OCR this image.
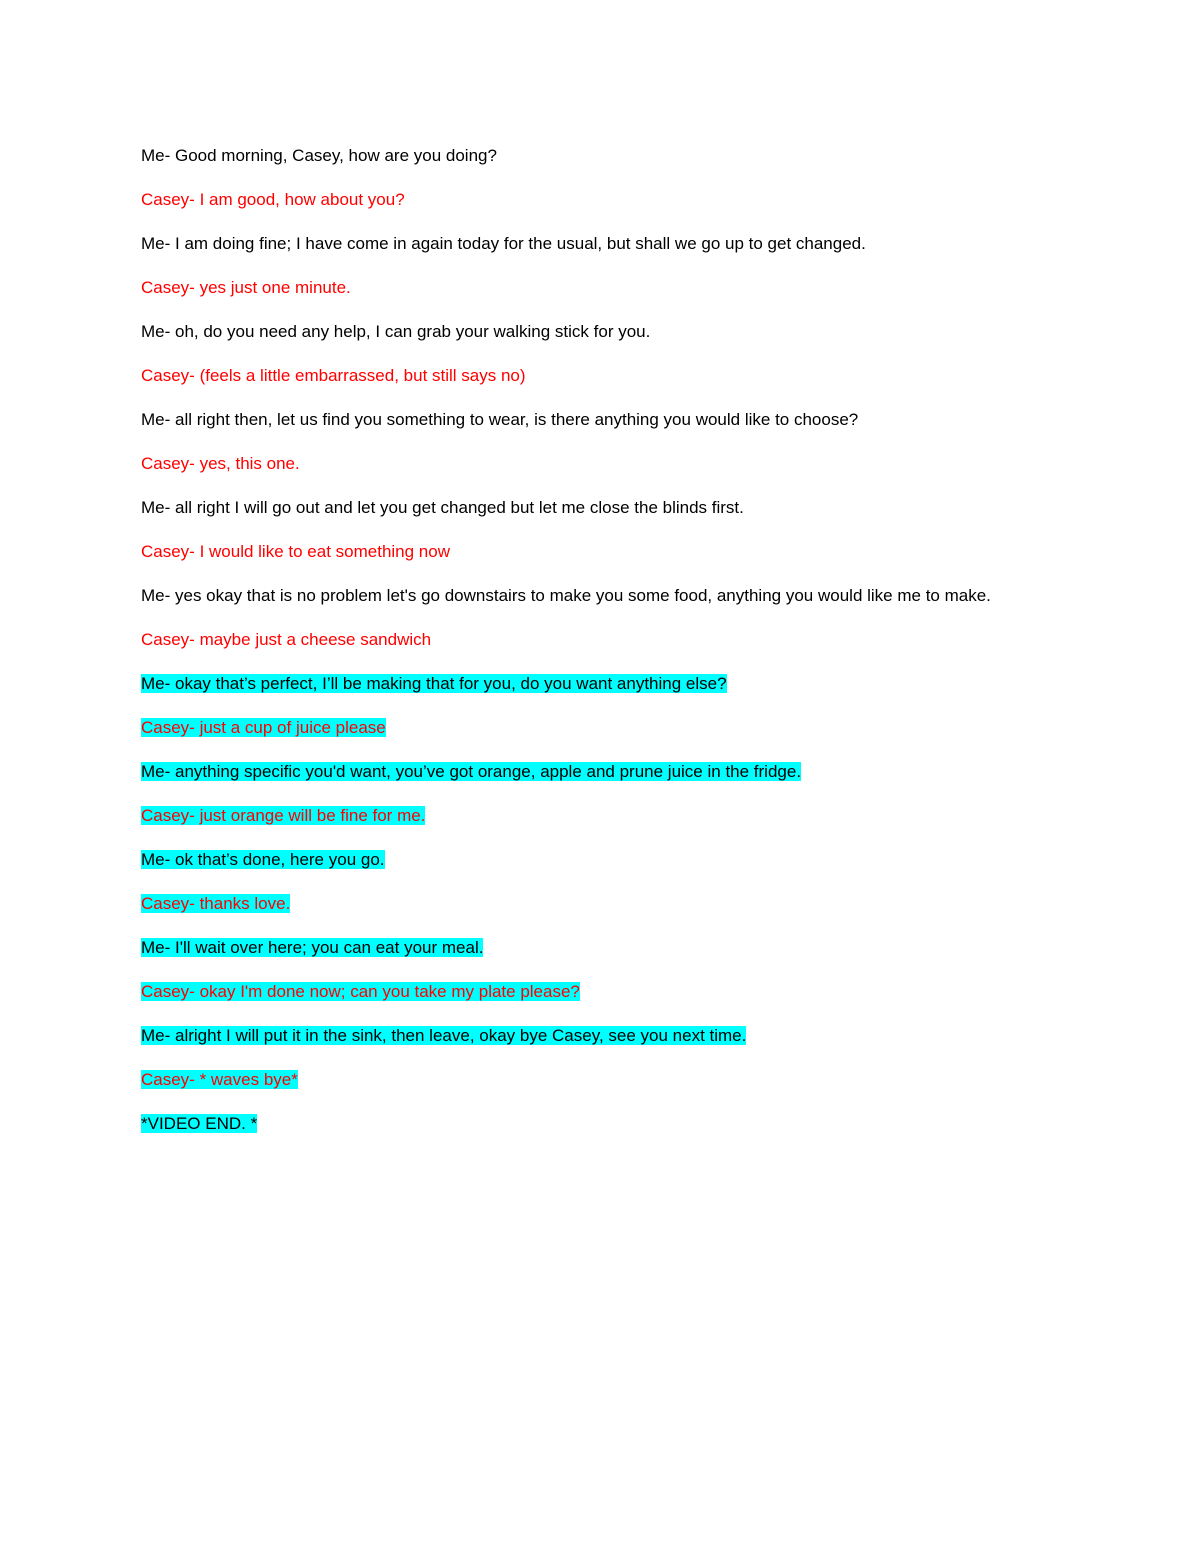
Me- Good morning, Casey, how are you doing?

Casey- I am good, how about you?

Me- I am doing fine; I have come in again today for the usual, but shall we go up to get changed.

Casey- yes just one minute.

Me- oh, do you need any help, I can grab your walking stick for you.

Casey- (feels a little embarrassed, but still says no)

Me- all right then, let us find you something to wear, is there anything you would like to choose?

Casey- yes, this one.

Me- all right I will go out and let you get changed but let me close the blinds first.

Casey- I would like to eat something now

Me- yes okay that is no problem let's go downstairs to make you some food, anything you would like me to make.

Casey- maybe just a cheese sandwich

Me- okay that’s perfect, I’ll be making that for you, do you want anything else?

Casey- just a cup of juice please

Me- anything specific you'd want, you’ve got orange, apple and prune juice in the fridge.

Casey- just orange will be fine for me.

Me- ok that’s done, here you go.

Casey- thanks love.

Me- I'll wait over here; you can eat your meal.

Casey- okay I'm done now; can you take my plate please?

Me- alright I will put it in the sink, then leave, okay bye Casey, see you next time.

Casey- * waves bye*

*VIDEO END. *
